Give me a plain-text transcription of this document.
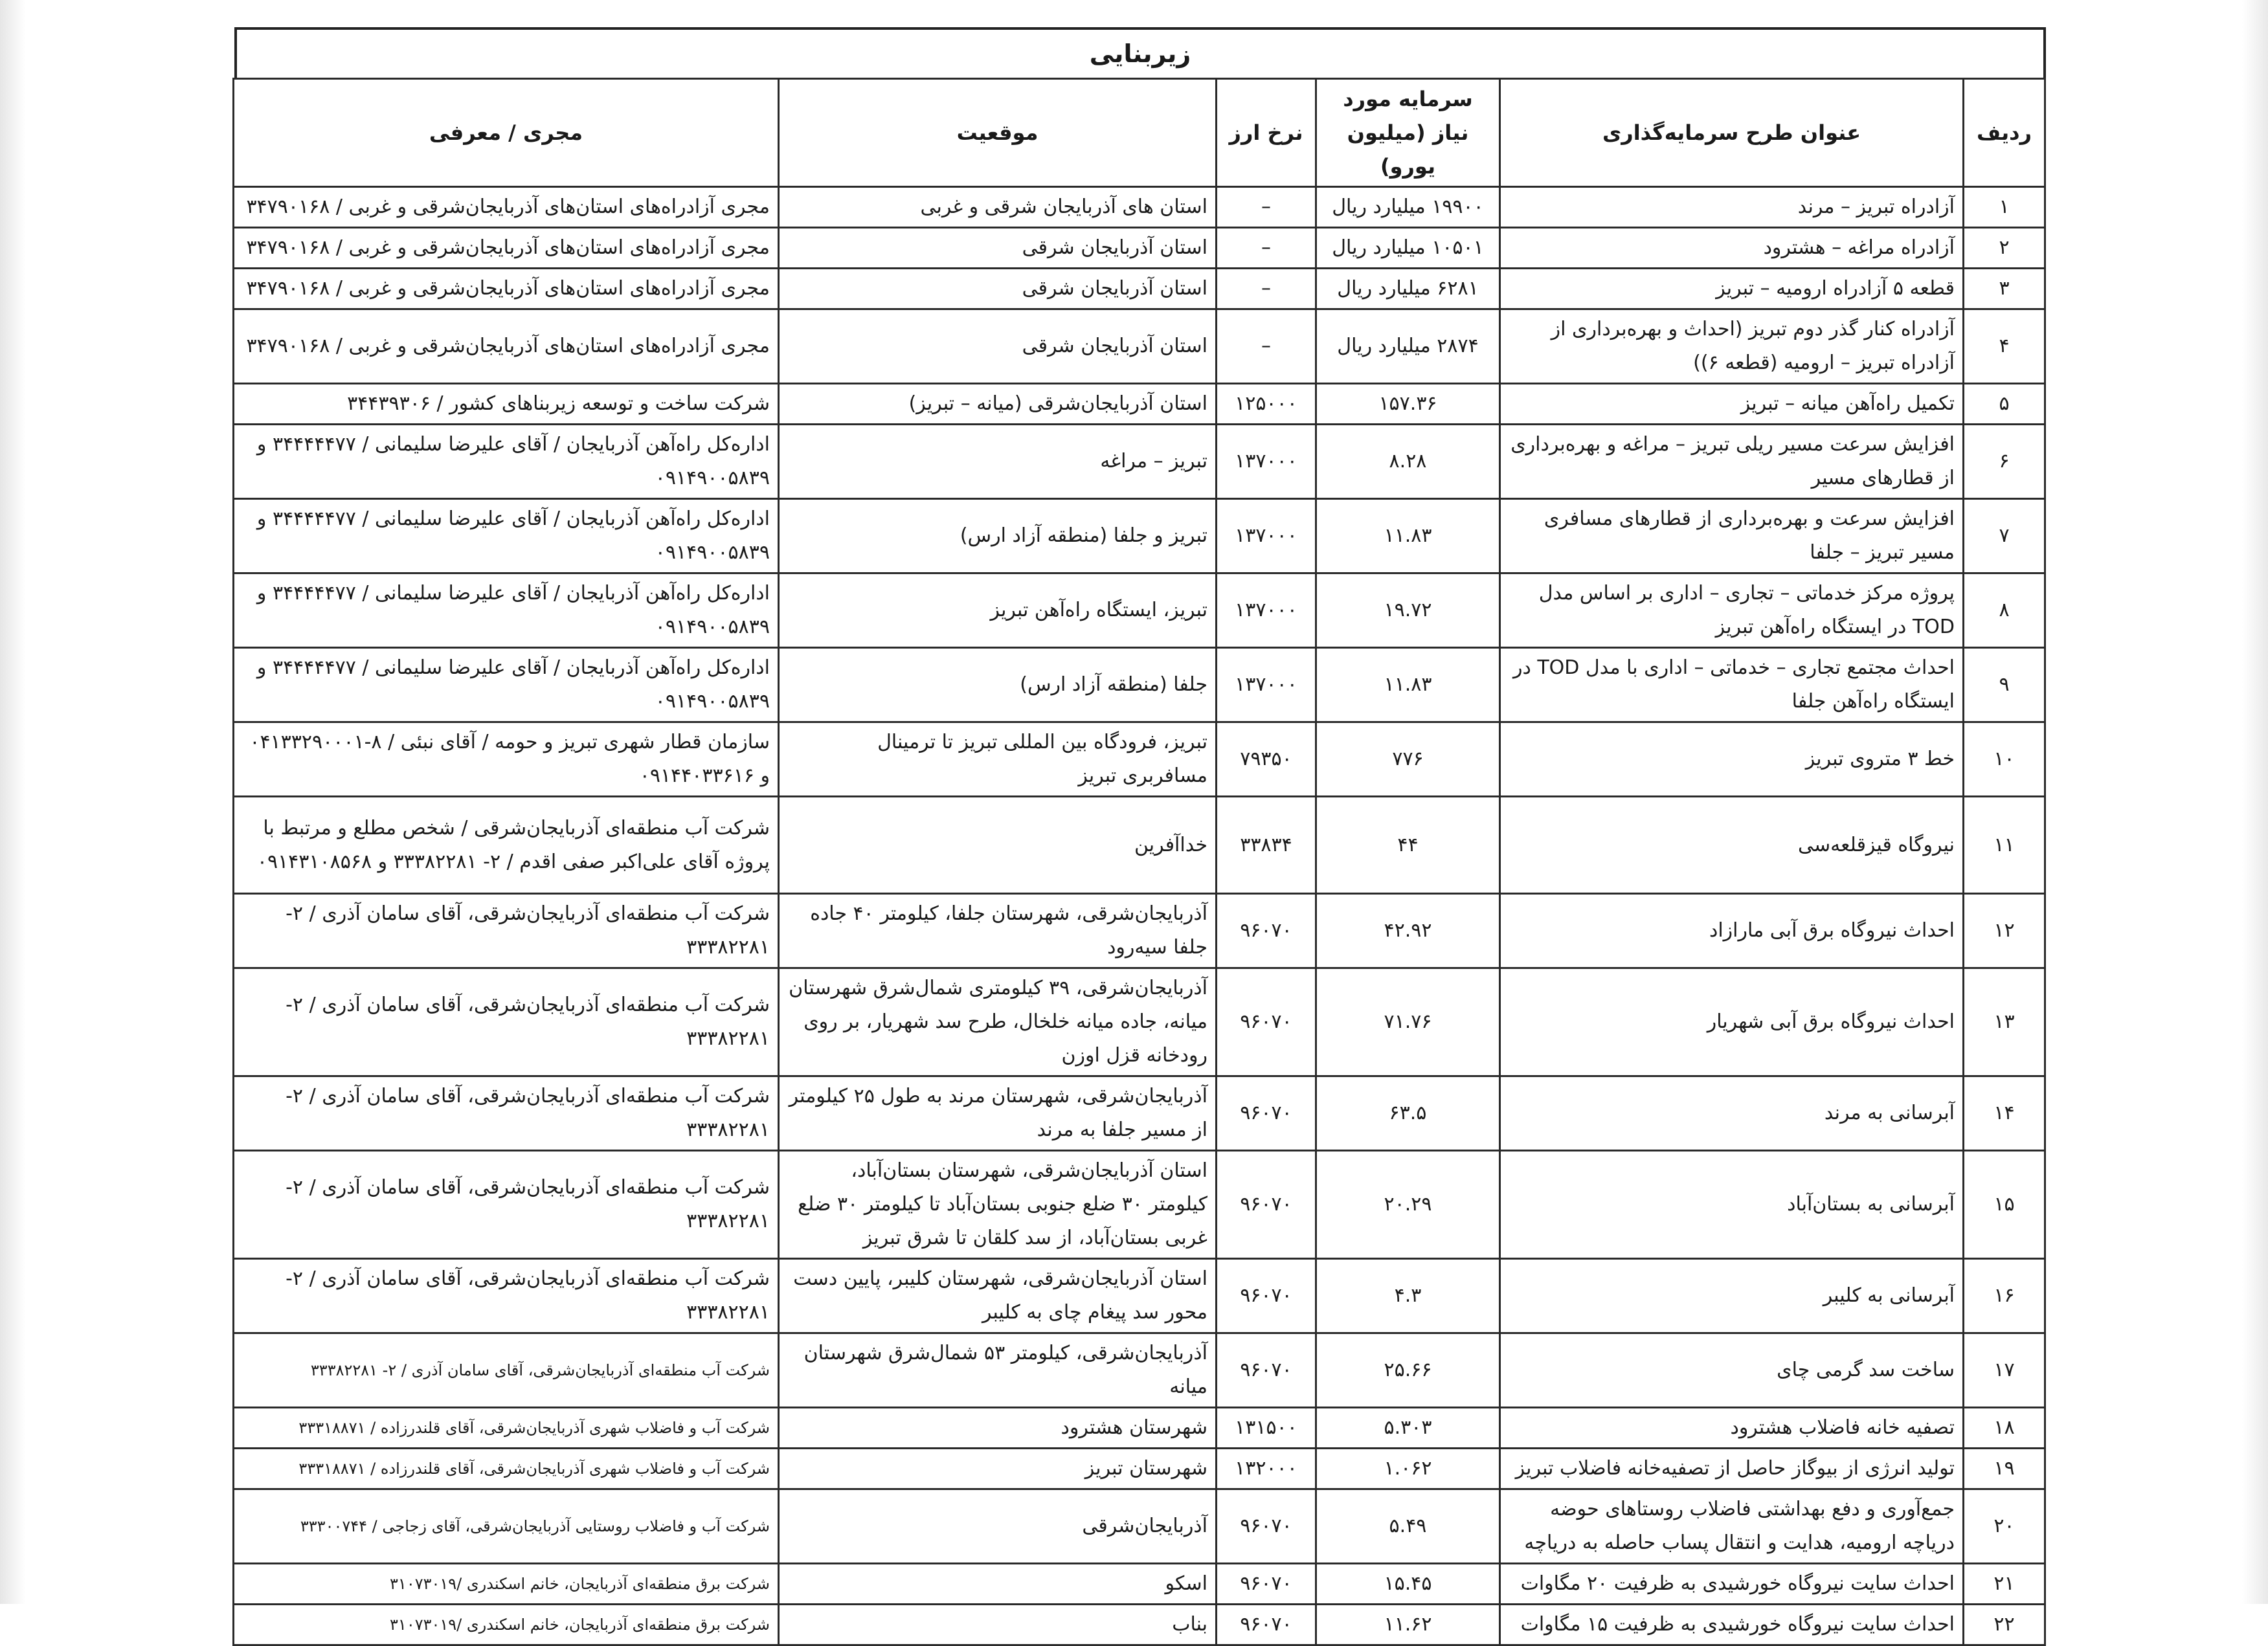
زیربنایی
ردیف	عنوان طرح سرمایه‌گذاری	سرمایه مورد نیاز (میلیون یورو)	نرخ ارز	موقعیت	مجری / معرفی
۱	آزادراه تبریز – مرند	۱۹۹۰۰ میلیارد ریال	–	استان های آذربایجان شرقی و غربی	مجری آزادراه‌های استان‌های آذربایجان‌شرقی و غربی / ۳۴۷۹۰۱۶۸
۲	آزادراه مراغه – هشترود	۱۰۵۰۱ میلیارد ریال	–	استان آذربایجان شرقی	مجری آزادراه‌های استان‌های آذربایجان‌شرقی و غربی / ۳۴۷۹۰۱۶۸
۳	قطعه ۵ آزادراه ارومیه – تبریز	۶۲۸۱ میلیارد ریال	–	استان آذربایجان شرقی	مجری آزادراه‌های استان‌های آذربایجان‌شرقی و غربی / ۳۴۷۹۰۱۶۸
۴	آزادراه کنار گذر دوم تبریز (احداث و بهره‌برداری از آزادراه تبریز – ارومیه (قطعه ۶))	۲۸۷۴ میلیارد ریال	–	استان آذربایجان شرقی	مجری آزادراه‌های استان‌های آذربایجان‌شرقی و غربی / ۳۴۷۹۰۱۶۸
۵	تکمیل راه‌آهن میانه – تبریز	۱۵۷.۳۶	۱۲۵۰۰۰	استان آذربایجان‌شرقی (میانه – تبریز)	شرکت ساخت و توسعه زیربناهای کشور / ۳۴۴۳۹۳۰۶
۶	افزایش سرعت مسیر ریلی تبریز – مراغه و بهره‌برداری از قطارهای مسیر	۸.۲۸	۱۳۷۰۰۰	تبریز – مراغه	اداره‌کل راه‌آهن آذربایجان / آقای علیرضا سلیمانی / ۳۴۴۴۴۴۷۷ و ۰۹۱۴۹۰۰۵۸۳۹
۷	افزایش سرعت و بهره‌برداری از قطارهای مسافری مسیر تبریز – جلفا	۱۱.۸۳	۱۳۷۰۰۰	تبریز و جلفا (منطقه آزاد ارس)	اداره‌کل راه‌آهن آذربایجان / آقای علیرضا سلیمانی / ۳۴۴۴۴۴۷۷ و ۰۹۱۴۹۰۰۵۸۳۹
۸	پروژه مرکز خدماتی – تجاری – اداری بر اساس مدل TOD در ایستگاه راه‌آهن تبریز	۱۹.۷۲	۱۳۷۰۰۰	تبریز، ایستگاه راه‌آهن تبریز	اداره‌کل راه‌آهن آذربایجان / آقای علیرضا سلیمانی / ۳۴۴۴۴۴۷۷ و ۰۹۱۴۹۰۰۵۸۳۹
۹	احداث مجتمع تجاری – خدماتی – اداری با مدل TOD در ایستگاه راه‌آهن جلفا	۱۱.۸۳	۱۳۷۰۰۰	جلفا (منطقه آزاد ارس)	اداره‌کل راه‌آهن آذربایجان / آقای علیرضا سلیمانی / ۳۴۴۴۴۴۷۷ و ۰۹۱۴۹۰۰۵۸۳۹
۱۰	خط ۳ متروی تبریز	۷۷۶	۷۹۳۵۰	تبریز، فرودگاه بین المللی تبریز تا ترمینال مسافربری تبریز	سازمان قطار شهری تبریز و حومه / آقای نبئی / ۸-۰۴۱۳۳۲۹۰۰۰۱ و ۰۹۱۴۴۰۳۳۶۱۶
۱۱	نیروگاه قیزقلعه‌سی	۴۴	۳۳۸۳۴	خداآفرین	شرکت آب منطقه‌ای آذربایجان‌شرقی / شخص مطلع و مرتبط با پروژه آقای علی‌اکبر صفی اقدم / ۲- ۳۳۳۸۲۲۸۱ و ۰۹۱۴۳۱۰۸۵۶۸
۱۲	احداث نیروگاه برق آبی مارازاد	۴۲.۹۲	۹۶۰۷۰	آذربایجان‌شرقی، شهرستان جلفا، کیلومتر ۴۰ جاده جلفا سیه‌رود	شرکت آب منطقه‌ای آذربایجان‌شرقی، آقای سامان آذری / ۲- ۳۳۳۸۲۲۸۱
۱۳	احداث نیروگاه برق آبی شهریار	۷۱.۷۶	۹۶۰۷۰	آذربایجان‌شرقی، ۳۹ کیلومتری شمال‌شرق شهرستان میانه، جاده میانه خلخال، طرح سد شهریار، بر روی رودخانه قزل اوزن	شرکت آب منطقه‌ای آذربایجان‌شرقی، آقای سامان آذری / ۲- ۳۳۳۸۲۲۸۱
۱۴	آبرسانی به مرند	۶۳.۵	۹۶۰۷۰	آذربایجان‌شرقی، شهرستان مرند به طول ۲۵ کیلومتر از مسیر جلفا به مرند	شرکت آب منطقه‌ای آذربایجان‌شرقی، آقای سامان آذری / ۲- ۳۳۳۸۲۲۸۱
۱۵	آبرسانی به بستان‌آباد	۲۰.۲۹	۹۶۰۷۰	استان آذربایجان‌شرقی، شهرستان بستان‌آباد، کیلومتر ۳۰ ضلع جنوبی بستان‌آباد تا کیلومتر ۳۰ ضلع غربی بستان‌آباد، از سد کلقان تا شرق تبریز	شرکت آب منطقه‌ای آذربایجان‌شرقی، آقای سامان آذری / ۲- ۳۳۳۸۲۲۸۱
۱۶	آبرسانی به کلیبر	۴.۳	۹۶۰۷۰	استان آذربایجان‌شرقی، شهرستان کلیبر، پایین دست محور سد پیغام چای به کلیبر	شرکت آب منطقه‌ای آذربایجان‌شرقی، آقای سامان آذری / ۲- ۳۳۳۸۲۲۸۱
۱۷	ساخت سد گرمی چای	۲۵.۶۶	۹۶۰۷۰	آذربایجان‌شرقی، کیلومتر ۵۳ شمال‌شرق شهرستان میانه	شرکت آب منطقه‌ای آذربایجان‌شرقی، آقای سامان آذری / ۲- ۳۳۳۸۲۲۸۱
۱۸	تصفیه خانه فاضلاب هشترود	۵.۳۰۳	۱۳۱۵۰۰	شهرستان هشترود	شرکت آب و فاضلاب شهری آذربایجان‌شرقی، آقای قلندرزاده / ۳۳۳۱۸۸۷۱
۱۹	تولید انرژی از بیوگاز حاصل از تصفیه‌خانه فاضلاب تبریز	۱.۰۶۲	۱۳۲۰۰۰	شهرستان تبریز	شرکت آب و فاضلاب شهری آذربایجان‌شرقی، آقای قلندرزاده / ۳۳۳۱۸۸۷۱
۲۰	جمع‌آوری و دفع بهداشتی فاضلاب روستاهای حوضه دریاچه ارومیه، هدایت و انتقال پساب حاصله به دریاچه	۵.۴۹	۹۶۰۷۰	آذربایجان‌شرقی	شرکت آب و فاضلاب روستایی آذربایجان‌شرقی، آقای زجاجی / ۳۳۳۰۰۷۴۴
۲۱	احداث سایت نیروگاه خورشیدی به ظرفیت ۲۰ مگاوات	۱۵.۴۵	۹۶۰۷۰	اسکو	شرکت برق منطقه‌ای آذربایجان، خانم اسکندری /۳۱۰۷۳۰۱۹
۲۲	احداث سایت نیروگاه خورشیدی به ظرفیت ۱۵ مگاوات	۱۱.۶۲	۹۶۰۷۰	بناب	شرکت برق منطقه‌ای آذربایجان، خانم اسکندری /۳۱۰۷۳۰۱۹
